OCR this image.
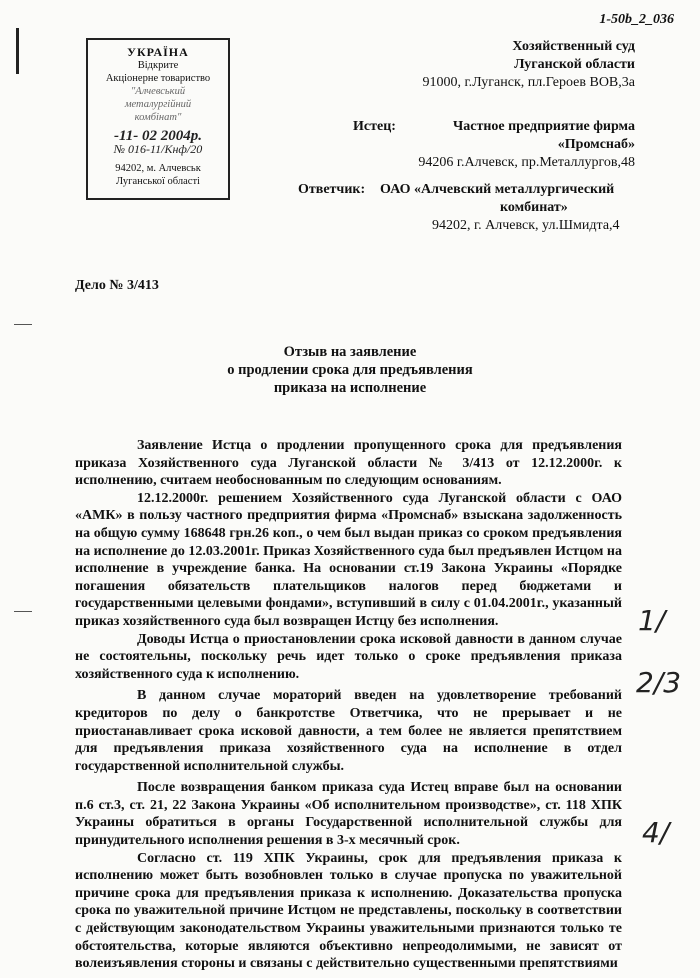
1-50b_2_036
УКРАЇНА
Відкрите
Акціонерне товариство
"Алчевський
металургійний
комбінат"
-11- 02 2004р.
№ 016-11/Кнф/20
94202, м. Алчевськ
Луганської області
Хозяйственный суд
Луганской области
91000, г.Луганск, пл.Героев ВОВ,3а
Истец:	Частное предприятие фирма
«Промснаб»
94206 г.Алчевск, пр.Металлургов,48
Ответчик: ОАО «Алчевский металлургический
комбинат»
94202, г. Алчевск, ул.Шмидта,4
Дело № 3/413
Отзыв на заявление
о продлении срока для предъявления
приказа на исполнение

Заявление Истца о продлении пропущенного срока для предъявления приказа Хозяйственного суда Луганской области № 3/413 от 12.12.2000г. к исполнению, считаем необоснованным по следующим основаниям.

12.12.2000г. решением Хозяйственного суда Луганской области с ОАО «АМК» в пользу частного предприятия фирма «Промснаб» взыскана задолженность на общую сумму 168648 грн.26 коп., о чем был выдан приказ со сроком предъявления на исполнение до 12.03.2001г. Приказ Хозяйственного суда был предъявлен Истцом на исполнение в учреждение банка. На основании ст.19 Закона Украины «Порядке погашения обязательств плательщиков налогов перед бюджетами и государственными целевыми фондами», вступивший в силу с 01.04.2001г., указанный приказ хозяйственного суда был возвращен Истцу без исполнения.

Доводы Истца о приостановлении срока исковой давности в данном случае не состоятельны, поскольку речь идет только о сроке предъявления приказа хозяйственного суда к исполнению.

В данном случае мораторий введен на удовлетворение требований кредиторов по делу о банкротстве Ответчика, что не прерывает и не приостанавливает срока исковой давности, а тем более не является препятствием для предъявления приказа хозяйственного суда на исполнение в отдел государственной исполнительной службы.

После возвращения банком приказа суда Истец вправе был на основании п.6 ст.3, ст. 21, 22 Закона Украины «Об исполнительном производстве», ст. 118 ХПК Украины обратиться в органы Государственной исполнительной службы для принудительного исполнения решения в 3-х месячный срок.

Согласно ст. 119 ХПК Украины, срок для предъявления приказа к исполнению может быть возобновлен только в случае пропуска по уважительной причине срока для предъявления приказа к исполнению. Доказательства пропуска срока по уважительной причине Истцом не представлены, поскольку в соответствии с действующим законодательством Украины уважительными признаются только те обстоятельства, которые являются объективно непреодолимыми, не зависят от волеизъявления стороны и связаны с действительно существенными препятствиями

1/
2/3
4/
